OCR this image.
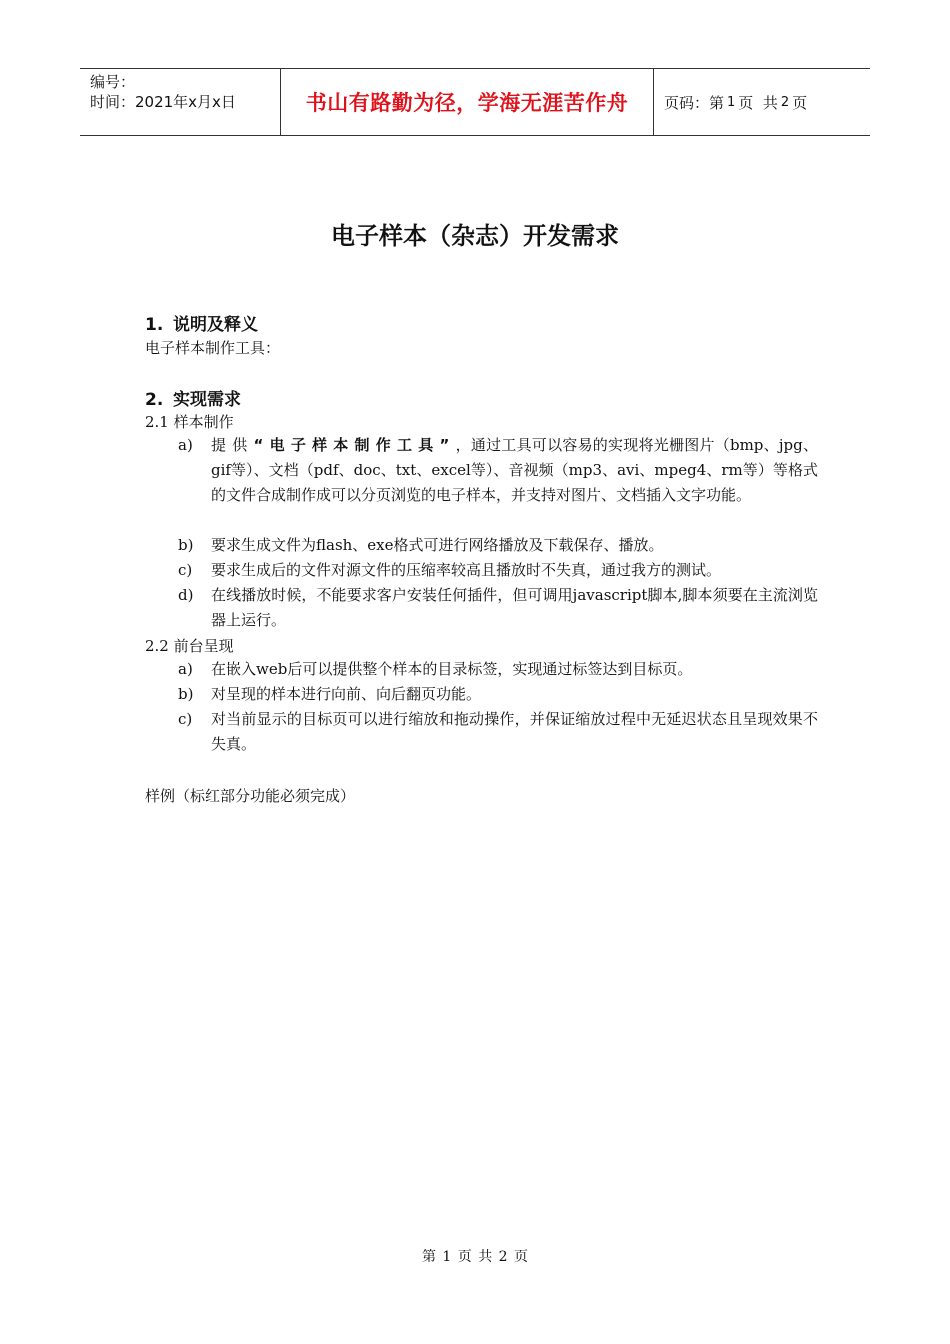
编号：
时间：2021年x月x日	书山有路勤为径，学海无涯苦作舟 页码：第 1 页  共 2 页
电子样本（杂志）开发需求
1. 说明及释义
电子样本制作工具：
2. 实现需求
2.1 样本制作
a) 提供“电子样本制作工具”，通过工具可以容易的实现将光栅图片（bmp、jpg、gif等）、文档（pdf、doc、txt、excel等）、音视频（mp3、avi、mpeg4、rm等）等格式的文件合成制作成可以分页浏览的电子样本，并支持对图片、文档插入文字功能。
b) 要求生成文件为flash、exe格式可进行网络播放及下载保存、播放。
c) 要求生成后的文件对源文件的压缩率较高且播放时不失真，通过我方的测试。
d) 在线播放时候，不能要求客户安装任何插件，但可调用javascript脚本,脚本须要在主流浏览器上运行。
2.2 前台呈现
a) 在嵌入web后可以提供整个样本的目录标签，实现通过标签达到目标页。
b) 对呈现的样本进行向前、向后翻页功能。
c) 对当前显示的目标页可以进行缩放和拖动操作，并保证缩放过程中无延迟状态且呈现效果不失真。
样例（标红部分功能必须完成）
第 1 页 共 2 页
